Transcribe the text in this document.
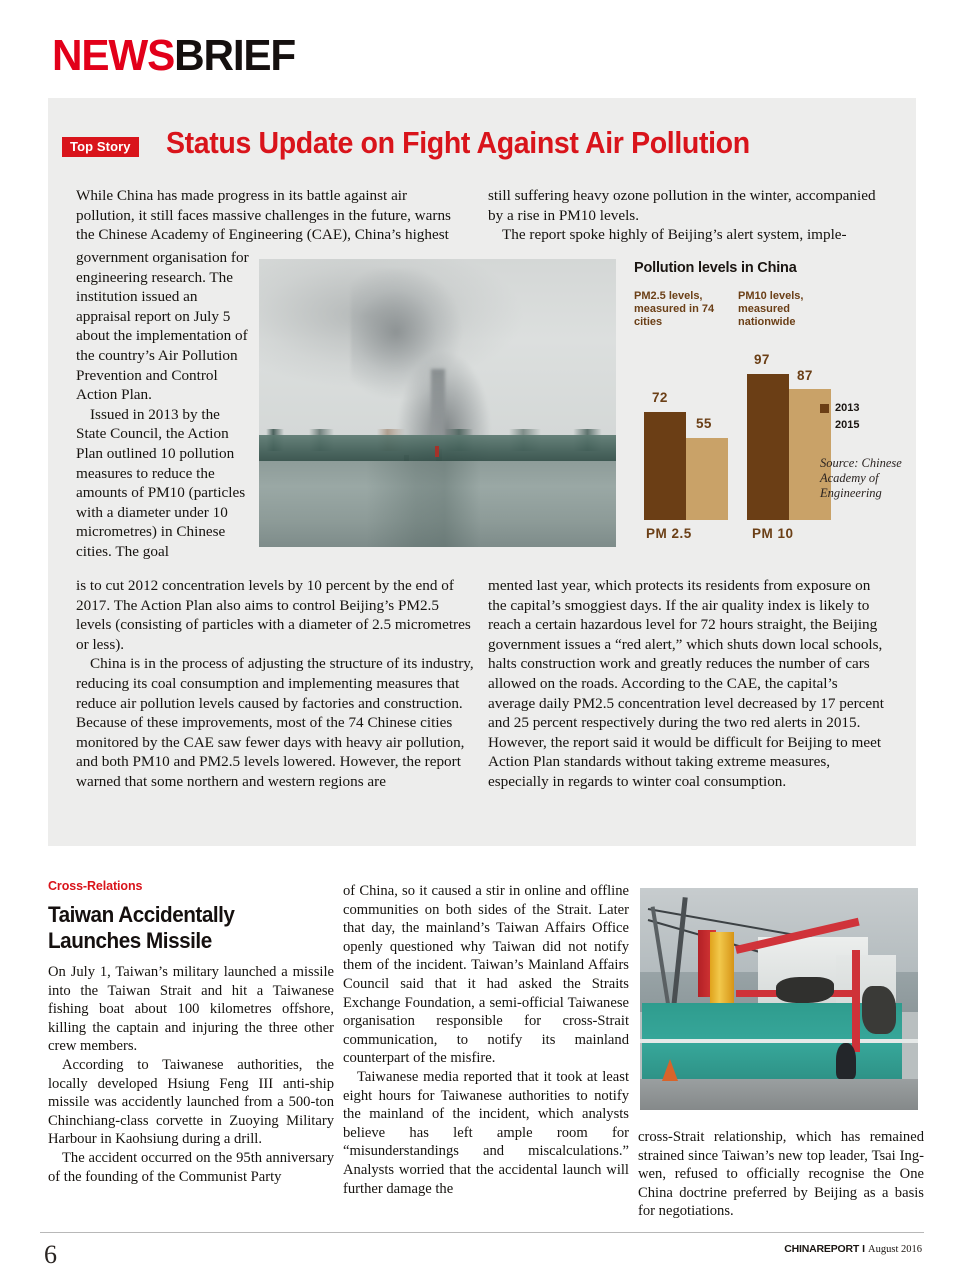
NEWSBRIEF
Top Story Status Update on Fight Against Air Pollution
While China has made progress in its battle against air pollution, it still faces massive challenges in the future, warns the Chinese Academy of Engineering (CAE), China’s highest

government organisation for engineering research. The institution issued an appraisal report on July 5 about the implementation of the country’s Air Pollution Prevention and Control Action Plan.

Issued in 2013 by the State Council, the Action Plan outlined 10 pollution measures to reduce the amounts of PM10 (particles with a diameter under 10 micrometres) in Chinese cities. The goal

still suffering heavy ozone pollution in the winter, accompanied by a rise in PM10 levels.

The report spoke highly of Beijing’s alert system, imple-

is to cut 2012 concentration levels by 10 percent by the end of 2017. The Action Plan also aims to control Beijing’s PM2.5 levels (consisting of particles with a diameter of 2.5 micrometres or less).

China is in the process of adjusting the structure of its industry, reducing its coal consumption and implementing measures that reduce air pollution levels caused by factories and construction. Because of these improvements, most of the 74 Chinese cities monitored by the CAE saw fewer days with heavy air pollution, and both PM10 and PM2.5 levels lowered. However, the report warned that some northern and western regions are

mented last year, which protects its residents from exposure on the capital’s smoggiest days. If the air quality index is likely to reach a certain hazardous level for 72 hours straight, the Beijing government issues a “red alert,” which shuts down local schools, halts construction work and greatly reduces the number of cars allowed on the roads. According to the CAE, the capital’s average daily PM2.5 concentration level decreased by 17 percent and 25 percent respectively during the two red alerts in 2015. However, the report said it would be difficult for Beijing to meet Action Plan standards without taking extreme measures, especially in regards to winter coal consumption.

Pollution levels in China
PM2.5 levels, measured in 74 cities
PM10 levels, measured nationwide
72
55
97
87
PM 2.5	PM 10
2013
2015
Source: Chinese Academy of Engineering
Cross-Relations
Taiwan Accidentally Launches Missile

On July 1, Taiwan’s military launched a missile into the Taiwan Strait and hit a Taiwanese fishing boat about 100 kilometres offshore, killing the captain and injuring the three other crew members.

According to Taiwanese authorities, the locally developed Hsiung Feng III anti-ship missile was accidently launched from a 500-ton Chinchiang-class corvette in Zuoying Military Harbour in Kaohsiung during a drill.

The accident occurred on the 95th anniversary of the founding of the Communist Party

of China, so it caused a stir in online and offline communities on both sides of the Strait. Later that day, the mainland’s Taiwan Affairs Office openly questioned why Taiwan did not notify them of the incident. Taiwan’s Mainland Affairs Council said that it had asked the Straits Exchange Foundation, a semi-official Taiwanese organisation responsible for cross-Strait communication, to notify its mainland counterpart of the misfire.

Taiwanese media reported that it took at least eight hours for Taiwanese authorities to notify the mainland of the incident, which analysts believe has left ample room for “misunderstandings and miscalculations.” Analysts worried that the accidental launch will further damage the

cross-Strait relationship, which has remained strained since Taiwan’s new top leader, Tsai Ing-wen, refused to officially recognise the One China doctrine preferred by Beijing as a basis for negotiations.

6	CHINAREPORT I August 2016
